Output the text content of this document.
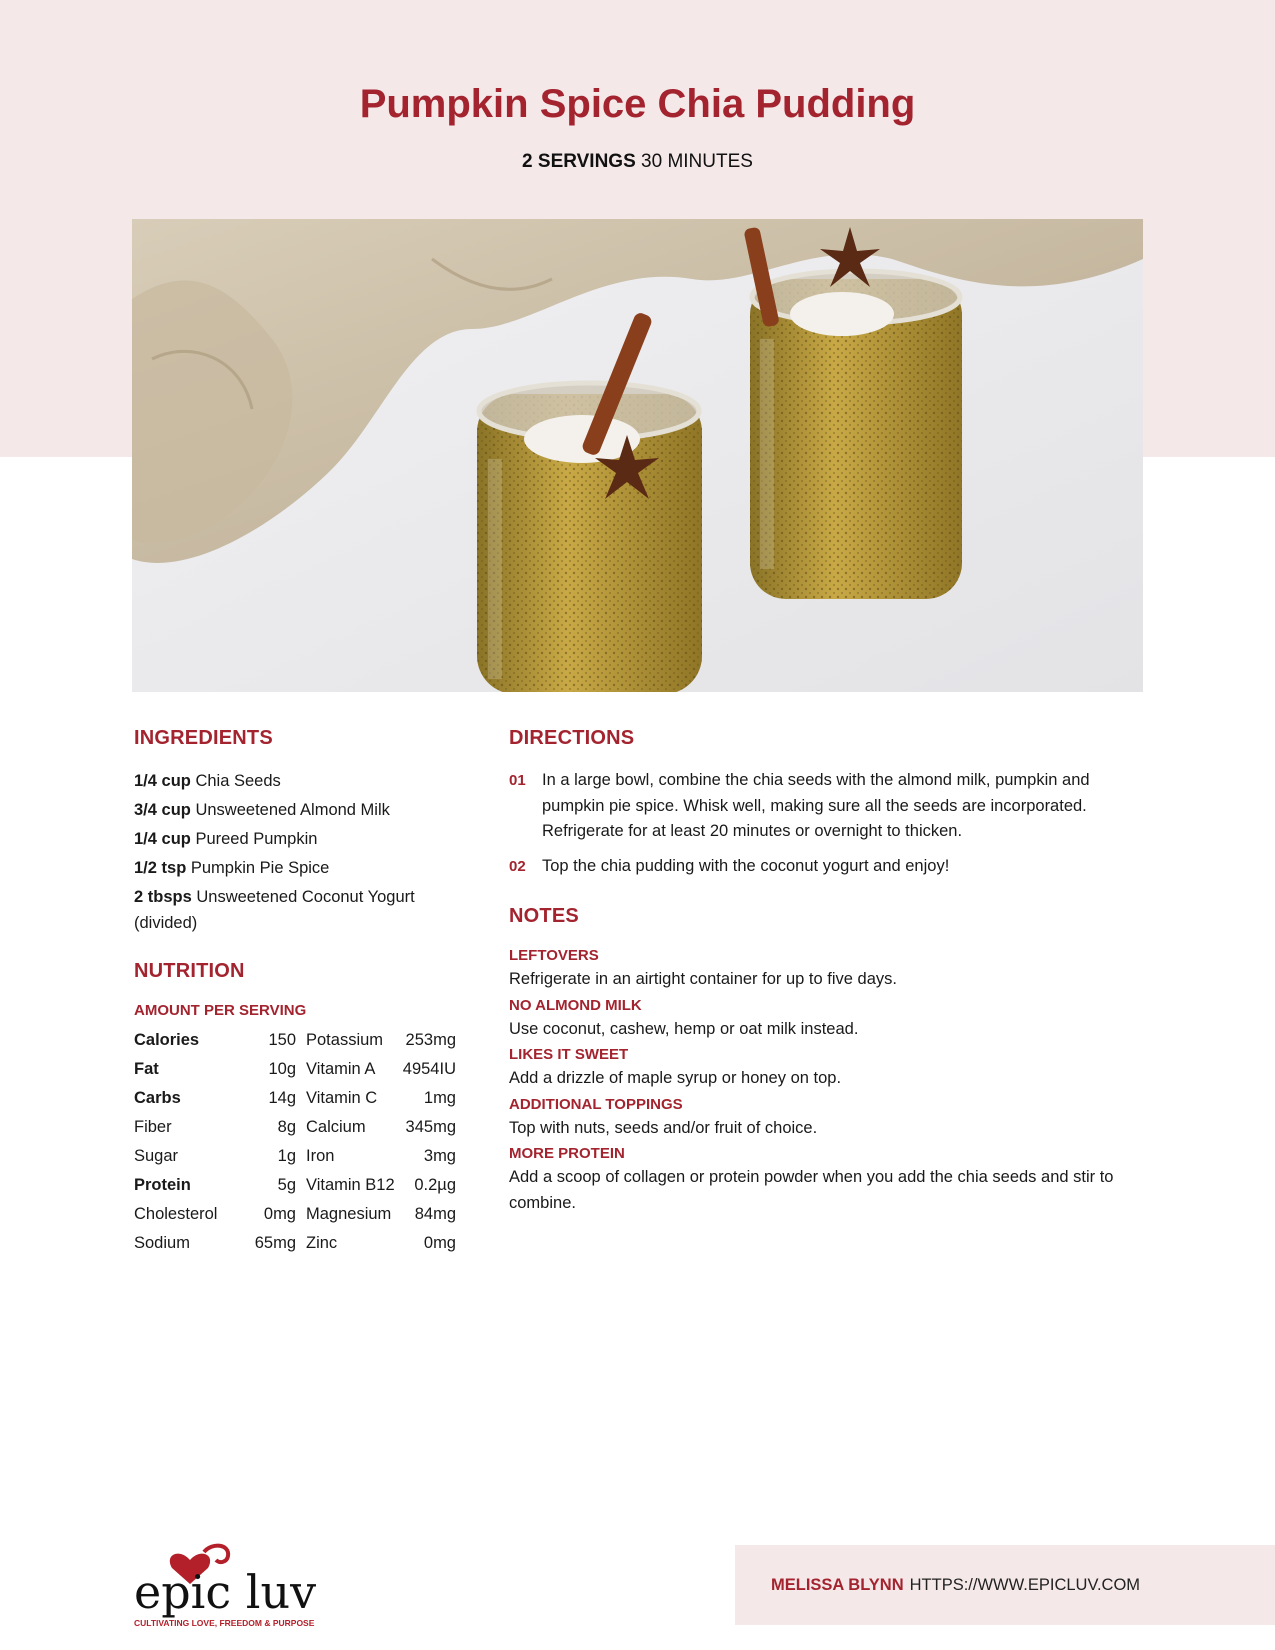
Pumpkin Spice Chia Pudding
2 SERVINGS 30 MINUTES
INGREDIENTS
1/4 cup Chia Seeds
3/4 cup Unsweetened Almond Milk
1/4 cup Pureed Pumpkin
1/2 tsp Pumpkin Pie Spice
2 tbsps Unsweetened Coconut Yogurt (divided)
NUTRITION
AMOUNT PER SERVING
Calories	150 Potassium	253mg
Fat	10g Vitamin A	4954IU
Carbs	14g Vitamin C	1mg
Fiber	8g Calcium	345mg
Sugar	1g Iron	3mg
Protein	5g Vitamin B12	0.2µg
Cholesterol	0mg Magnesium	84mg
Sodium	65mg Zinc	0mg
DIRECTIONS
01 In a large bowl, combine the chia seeds with the almond milk, pumpkin and pumpkin pie spice. Whisk well, making sure all the seeds are incorporated. Refrigerate for at least 20 minutes or overnight to thicken.
02 Top the chia pudding with the coconut yogurt and enjoy!
NOTES
LEFTOVERS
Refrigerate in an airtight container for up to five days.
NO ALMOND MILK
Use coconut, cashew, hemp or oat milk instead.
LIKES IT SWEET
Add a drizzle of maple syrup or honey on top.
ADDITIONAL TOPPINGS
Top with nuts, seeds and/or fruit of choice.
MORE PROTEIN
Add a scoop of collagen or protein powder when you add the chia seeds and stir to combine.
epic luv
CULTIVATING LOVE, FREEDOM & PURPOSE
MELISSA BLYNN HTTPS://WWW.EPICLUV.COM
